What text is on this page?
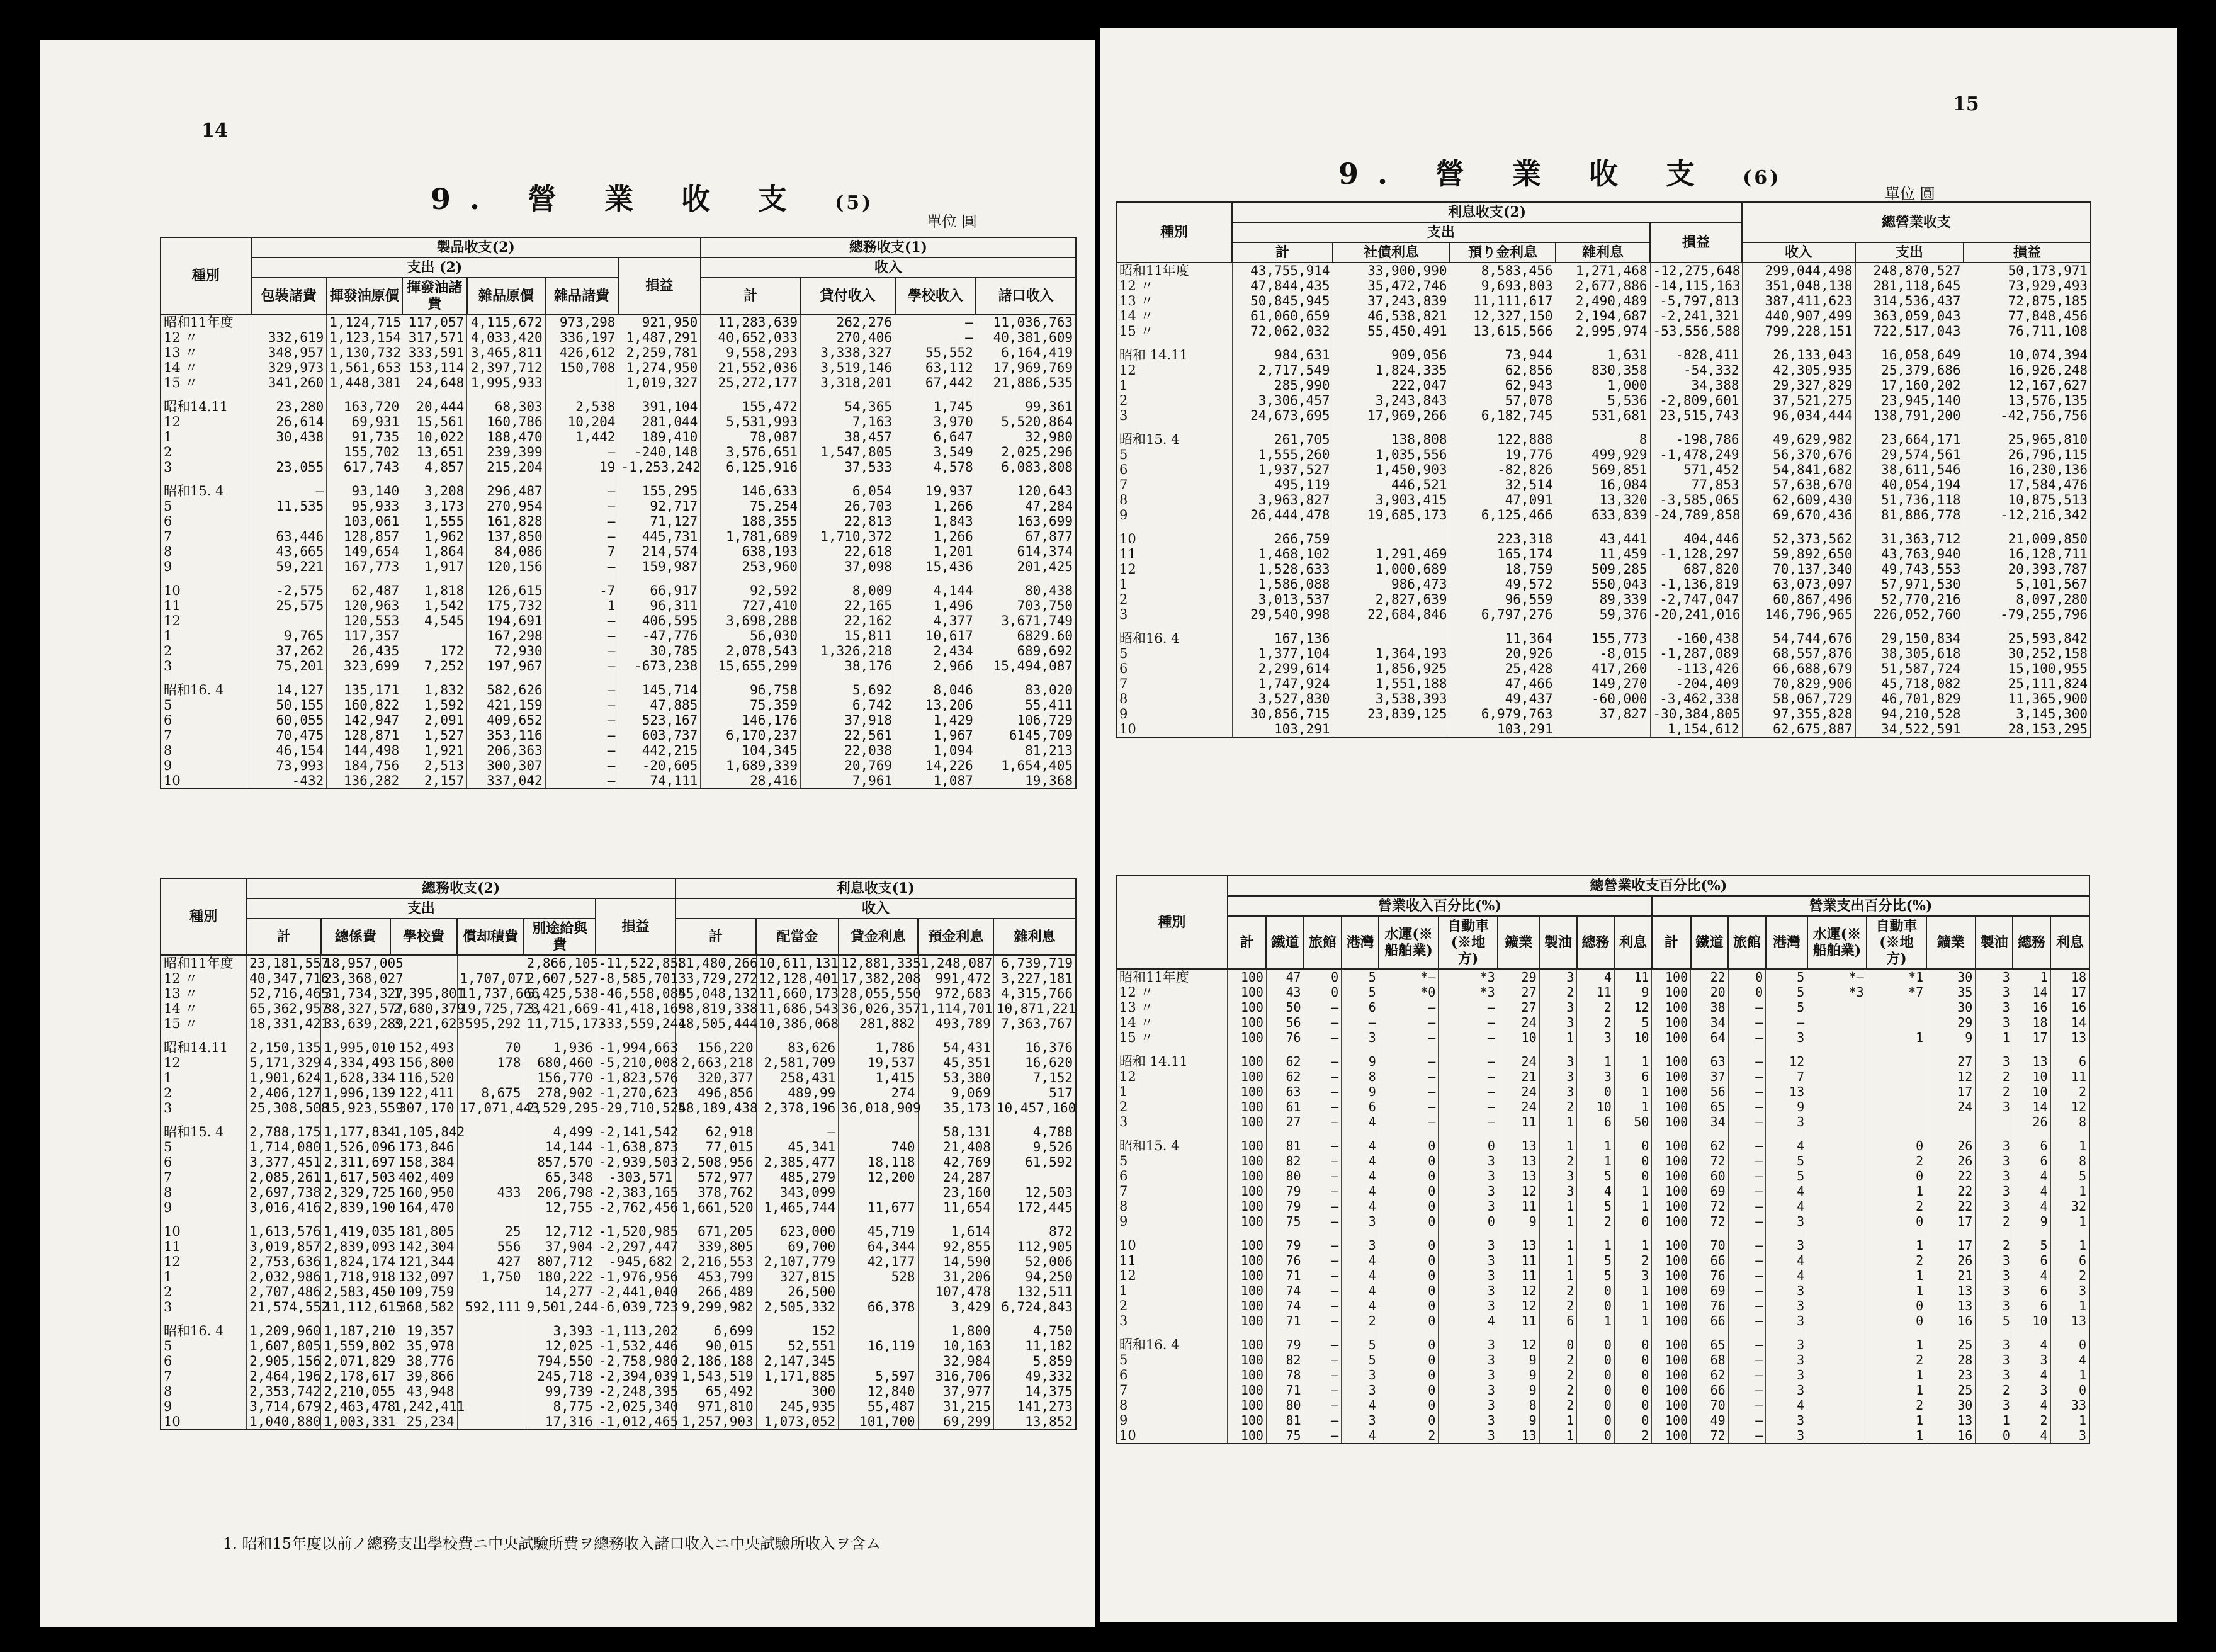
14
9. 營 業 收 支 (5)
單位 圓
種別	製品收支(2)						總務收支(1)			
	支出 (2)					損益	收入			
	包裝諸費	揮發油原價	揮發油諸費	雜品原價	雜品諸費		計	貸付收入	學校收入	諸口收入
昭和11年度		1,124,715	117,057	4,115,672	973,298	921,950	11,283,639	262,276	—	11,036,763
12 〃	332,619	1,123,154	317,571	4,033,420	336,197	1,487,291	40,652,033	270,406	—	40,381,609
13 〃	348,957	1,130,732	333,591	3,465,811	426,612	2,259,781	9,558,293	3,338,327	55,552	6,164,419
14 〃	329,973	1,561,653	153,114	2,397,712	150,708	1,274,950	21,552,036	3,519,146	63,112	17,969,769
15 〃	341,260	1,448,381	24,648	1,995,933		1,019,327	25,272,177	3,318,201	67,442	21,886,535

昭和14.11	23,280	163,720	20,444	68,303	2,538	391,104	155,472	54,365	1,745	99,361
12	26,614	69,931	15,561	160,786	10,204	281,044	5,531,993	7,163	3,970	5,520,864
1	30,438	91,735	10,022	188,470	1,442	189,410	78,087	38,457	6,647	32,980
2		155,702	13,651	239,399	—	-240,148	3,576,651	1,547,805	3,549	2,025,296
3	23,055	617,743	4,857	215,204	19	-1,253,242	6,125,916	37,533	4,578	6,083,808

昭和15. 4	—	93,140	3,208	296,487	—	155,295	146,633	6,054	19,937	120,643
5	11,535	95,933	3,173	270,954	—	92,717	75,254	26,703	1,266	47,284
6		103,061	1,555	161,828	—	71,127	188,355	22,813	1,843	163,699
7	63,446	128,857	1,962	137,850	—	445,731	1,781,689	1,710,372	1,266	67,877
8	43,665	149,654	1,864	84,086	7	214,574	638,193	22,618	1,201	614,374
9	59,221	167,773	1,917	120,156	—	159,987	253,960	37,098	15,436	201,425

10	-2,575	62,487	1,818	126,615	-7	66,917	92,592	8,009	4,144	80,438
11	25,575	120,963	1,542	175,732	1	96,311	727,410	22,165	1,496	703,750
12		120,553	4,545	194,691	—	406,595	3,698,288	22,162	4,377	3,671,749
1	9,765	117,357		167,298	—	-47,776	56,030	15,811	10,617	6829.60
2	37,262	26,435	172	72,930	—	30,785	2,078,543	1,326,218	2,434	689,692
3	75,201	323,699	7,252	197,967	—	-673,238	15,655,299	38,176	2,966	15,494,087

昭和16. 4	14,127	135,171	1,832	582,626	—	145,714	96,758	5,692	8,046	83,020
5	50,155	160,822	1,592	421,159	—	47,885	75,359	6,742	13,206	55,411
6	60,055	142,947	2,091	409,652	—	523,167	146,176	37,918	1,429	106,729
7	70,475	128,871	1,527	353,116	—	603,737	6,170,237	22,561	1,967	6145,709
8	46,154	144,498	1,921	206,363	—	442,215	104,345	22,038	1,094	81,213
9	73,993	184,756	2,513	300,307	—	-20,605	1,689,339	20,769	14,226	1,654,405
10	-432	136,282	2,157	337,042	—	74,111	28,416	7,961	1,087	19,368
種別	總務收支(2)						利息收支(1)				
	支出					損益	收入				
	計	總係費	學校費	償却積費	別途給與費		計	配當金	貸金利息	預金利息	雜利息
昭和11年度	23,181,557	18,957,005			2,866,105	-11,522,858	31,480,266	10,611,131	12,881,335	1,248,087	6,739,719
12 〃	40,347,716	23,368,027		1,707,071	2,607,527	-8,585,701	33,729,272	12,128,401	17,382,208	991,472	3,227,181
13 〃	52,716,465	31,734,327	1,395,801	11,737,666	5,425,538	-46,558,085	45,048,132	11,660,173	28,055,550	972,683	4,315,766
14 〃	65,362,957	38,327,577	2,680,379	19,725,723	3,421,669	-41,418,169	58,819,338	11,686,543	36,026,357	1,114,701	10,871,221
15 〃	18,331,421	33,639,289	3,221,623	595,292	11,715,173	-33,559,244	18,505,444	10,386,068	281,882	493,789	7,363,767

昭和14.11	2,150,135	1,995,010	152,493	70	1,936	-1,994,663	156,220	83,626	1,786	54,431	16,376
12	5,171,329	4,334,493	156,800	178	680,460	-5,210,008	2,663,218	2,581,709	19,537	45,351	16,620
1	1,901,624	1,628,334	116,520		156,770	-1,823,576	320,377	258,431	1,415	53,380	7,152
2	2,406,127	1,996,139	122,411	8,675	278,902	-1,270,623	496,856	489,99	274	9,069	517
3	25,308,508	15,923,559	307,170	17,071,443	2,529,295	-29,710,525	48,189,438	2,378,196	36,018,909	35,173	10,457,160

昭和15. 4	2,788,175	1,177,834	1,105,842		4,499	-2,141,542	62,918	—		58,131	4,788
5	1,714,080	1,526,096	173,846		14,144	-1,638,873	77,015	45,341	740	21,408	9,526
6	3,377,451	2,311,697	158,384		857,570	-2,939,503	2,508,956	2,385,477	18,118	42,769	61,592
7	2,085,261	1,617,503	402,409		65,348	-303,571	572,977	485,279	12,200	24,287	
8	2,697,738	2,329,725	160,950	433	206,798	-2,383,165	378,762	343,099		23,160	12,503
9	3,016,416	2,839,190	164,470		12,755	-2,762,456	1,661,520	1,465,744	11,677	11,654	172,445

10	1,613,576	1,419,035	181,805	25	12,712	-1,520,985	671,205	623,000	45,719	1,614	872
11	3,019,857	2,839,093	142,304	556	37,904	-2,297,447	339,805	69,700	64,344	92,855	112,905
12	2,753,636	1,824,174	121,344	427	807,712	-945,682	2,216,553	2,107,779	42,177	14,590	52,006
1	2,032,986	1,718,918	132,097	1,750	180,222	-1,976,956	453,799	327,815	528	31,206	94,250
2	2,707,486	2,583,450	109,759		14,277	-2,441,040	266,489	26,500		107,478	132,511
3	21,574,552	11,112,615	368,582	592,111	9,501,244	-6,039,723	9,299,982	2,505,332	66,378	3,429	6,724,843

昭和16. 4	1,209,960	1,187,210	19,357		3,393	-1,113,202	6,699	152		1,800	4,750
5	1,607,805	1,559,802	35,978		12,025	-1,532,446	90,015	52,551	16,119	10,163	11,182
6	2,905,156	2,071,829	38,776		794,550	-2,758,980	2,186,188	2,147,345		32,984	5,859
7	2,464,196	2,178,617	39,866		245,718	-2,394,039	1,543,519	1,171,885	5,597	316,706	49,332
8	2,353,742	2,210,055	43,948		99,739	-2,248,395	65,492	300	12,840	37,977	14,375
9	3,714,679	2,463,478	1,242,411		8,775	-2,025,340	971,810	245,935	55,487	31,215	141,273
10	1,040,880	1,003,331	25,234		17,316	-1,012,465	1,257,903	1,073,052	101,700	69,299	13,852
1. 昭和15年度以前ノ總務支出學校費ニ中央試驗所費ヲ總務收入諸口收入ニ中央試驗所收入ヲ含ム
15
9. 營 業 收 支 (6)
單位 圓
種別	利息收支(2)					總營業收支		
	支出				損益			
	計	社債利息	預り金利息	雜利息		收入	支出	損益
昭和11年度	43,755,914	33,900,990	8,583,456	1,271,468	-12,275,648	299,044,498	248,870,527	50,173,971
12 〃	47,844,435	35,472,746	9,693,803	2,677,886	-14,115,163	351,048,138	281,118,645	73,929,493
13 〃	50,845,945	37,243,839	11,111,617	2,490,489	-5,797,813	387,411,623	314,536,437	72,875,185
14 〃	61,060,659	46,538,821	12,327,150	2,194,687	-2,241,321	440,907,499	363,059,043	77,848,456
15 〃	72,062,032	55,450,491	13,615,566	2,995,974	-53,556,588	799,228,151	722,517,043	76,711,108

昭和 14.11	984,631	909,056	73,944	1,631	-828,411	26,133,043	16,058,649	10,074,394
12	2,717,549	1,824,335	62,856	830,358	-54,332	42,305,935	25,379,686	16,926,248
1	285,990	222,047	62,943	1,000	34,388	29,327,829	17,160,202	12,167,627
2	3,306,457	3,243,843	57,078	5,536	-2,809,601	37,521,275	23,945,140	13,576,135
3	24,673,695	17,969,266	6,182,745	531,681	23,515,743	96,034,444	138,791,200	-42,756,756

昭和15. 4	261,705	138,808	122,888	8	-198,786	49,629,982	23,664,171	25,965,810
5	1,555,260	1,035,556	19,776	499,929	-1,478,249	56,370,676	29,574,561	26,796,115
6	1,937,527	1,450,903	-82,826	569,851	571,452	54,841,682	38,611,546	16,230,136
7	495,119	446,521	32,514	16,084	77,853	57,638,670	40,054,194	17,584,476
8	3,963,827	3,903,415	47,091	13,320	-3,585,065	62,609,430	51,736,118	10,875,513
9	26,444,478	19,685,173	6,125,466	633,839	-24,789,858	69,670,436	81,886,778	-12,216,342

10	266,759		223,318	43,441	404,446	52,373,562	31,363,712	21,009,850
11	1,468,102	1,291,469	165,174	11,459	-1,128,297	59,892,650	43,763,940	16,128,711
12	1,528,633	1,000,689	18,759	509,285	687,820	70,137,340	49,743,553	20,393,787
1	1,586,088	986,473	49,572	550,043	-1,136,819	63,073,097	57,971,530	5,101,567
2	3,013,537	2,827,639	96,559	89,339	-2,747,047	60,867,496	52,770,216	8,097,280
3	29,540,998	22,684,846	6,797,276	59,376	-20,241,016	146,796,965	226,052,760	-79,255,796

昭和16. 4	167,136		11,364	155,773	-160,438	54,744,676	29,150,834	25,593,842
5	1,377,104	1,364,193	20,926	-8,015	-1,287,089	68,557,876	38,305,618	30,252,158
6	2,299,614	1,856,925	25,428	417,260	-113,426	66,688,679	51,587,724	15,100,955
7	1,747,924	1,551,188	47,466	149,270	-204,409	70,829,906	45,718,082	25,111,824
8	3,527,830	3,538,393	49,437	-60,000	-3,462,338	58,067,729	46,701,829	11,365,900
9	30,856,715	23,839,125	6,979,763	37,827	-30,384,805	97,355,828	94,210,528	3,145,300
10	103,291		103,291		1,154,612	62,675,887	34,522,591	28,153,295
種別	總營業收支百分比(%)																			
	營業收入百分比(%)										營業支出百分比(%)									
	計	鐵道	旅館	港灣	水運(※船舶業)	自動車(※地方)	鑛業	製油	總務	利息	計	鐵道	旅館	港灣	水運(※船舶業)	自動車(※地方)	鑛業	製油	總務	利息
昭和11年度	100	47	0	5	*—	*3	29	3	4	11	100	22	0	5	*—	*1	30	3	1	18
12 〃	100	43	0	5	*0	*3	27	2	11	9	100	20	0	5	*3	*7	35	3	14	17
13 〃	100	50	—	6	—	—	27	3	2	12	100	38	—	5			30	3	16	16
14 〃	100	56	—	—	—	—	24	3	2	5	100	34	—	—			29	3	18	14
15 〃	100	76	—	3	—	—	10	1	3	10	100	64	—	3		1	9	1	17	13

昭和 14.11	100	62	—	9	—	—	24	3	1	1	100	63	—	12			27	3	13	6
12	100	62	—	8	—	—	21	3	3	6	100	37	—	7			12	2	10	11
1	100	63	—	9	—	—	24	3	0	1	100	56	—	13			17	2	10	2
2	100	61	—	6	—	—	24	2	10	1	100	65	—	9			24	3	14	12
3	100	27	—	4	—	—	11	1	6	50	100	34	—	3					26	8

昭和15. 4	100	81	—	4	0	0	13	1	1	0	100	62	—	4		0	26	3	6	1
5	100	82	—	4	0	3	13	2	1	0	100	72	—	5		2	26	3	6	8
6	100	80	—	4	0	3	13	3	5	0	100	60	—	5		0	22	3	4	5
7	100	79	—	4	0	3	12	3	4	1	100	69	—	4		1	22	3	4	1
8	100	79	—	4	0	3	11	1	5	1	100	72	—	4		2	22	3	4	32
9	100	75	—	3	0	0	9	1	2	0	100	72	—	3		0	17	2	9	1

10	100	79	—	3	0	3	13	1	1	1	100	70	—	3		1	17	2	5	1
11	100	76	—	4	0	3	11	1	5	2	100	66	—	4		2	26	3	6	6
12	100	71	—	4	0	3	11	1	5	3	100	76	—	4		1	21	3	4	2
1	100	74	—	4	0	3	12	2	0	1	100	69	—	3		1	13	3	6	3
2	100	74	—	4	0	3	12	2	0	1	100	76	—	3		0	13	3	6	1
3	100	71	—	2	0	4	11	6	1	1	100	66	—	3		0	16	5	10	13

昭和16. 4	100	79	—	5	0	3	12	0	0	0	100	65	—	3		1	25	3	4	0
5	100	82	—	5	0	3	9	2	0	0	100	68	—	3		2	28	3	3	4
6	100	78	—	3	0	3	9	2	0	0	100	62	—	3		1	23	3	4	1
7	100	71	—	3	0	3	9	2	0	0	100	66	—	3		1	25	2	3	0
8	100	80	—	4	0	3	8	2	0	0	100	70	—	4		2	30	3	4	33
9	100	81	—	3	0	3	9	1	0	0	100	49	—	3		1	13	1	2	1
10	100	75	—	4	2	3	13	1	0	2	100	72	—	3		1	16	0	4	3
